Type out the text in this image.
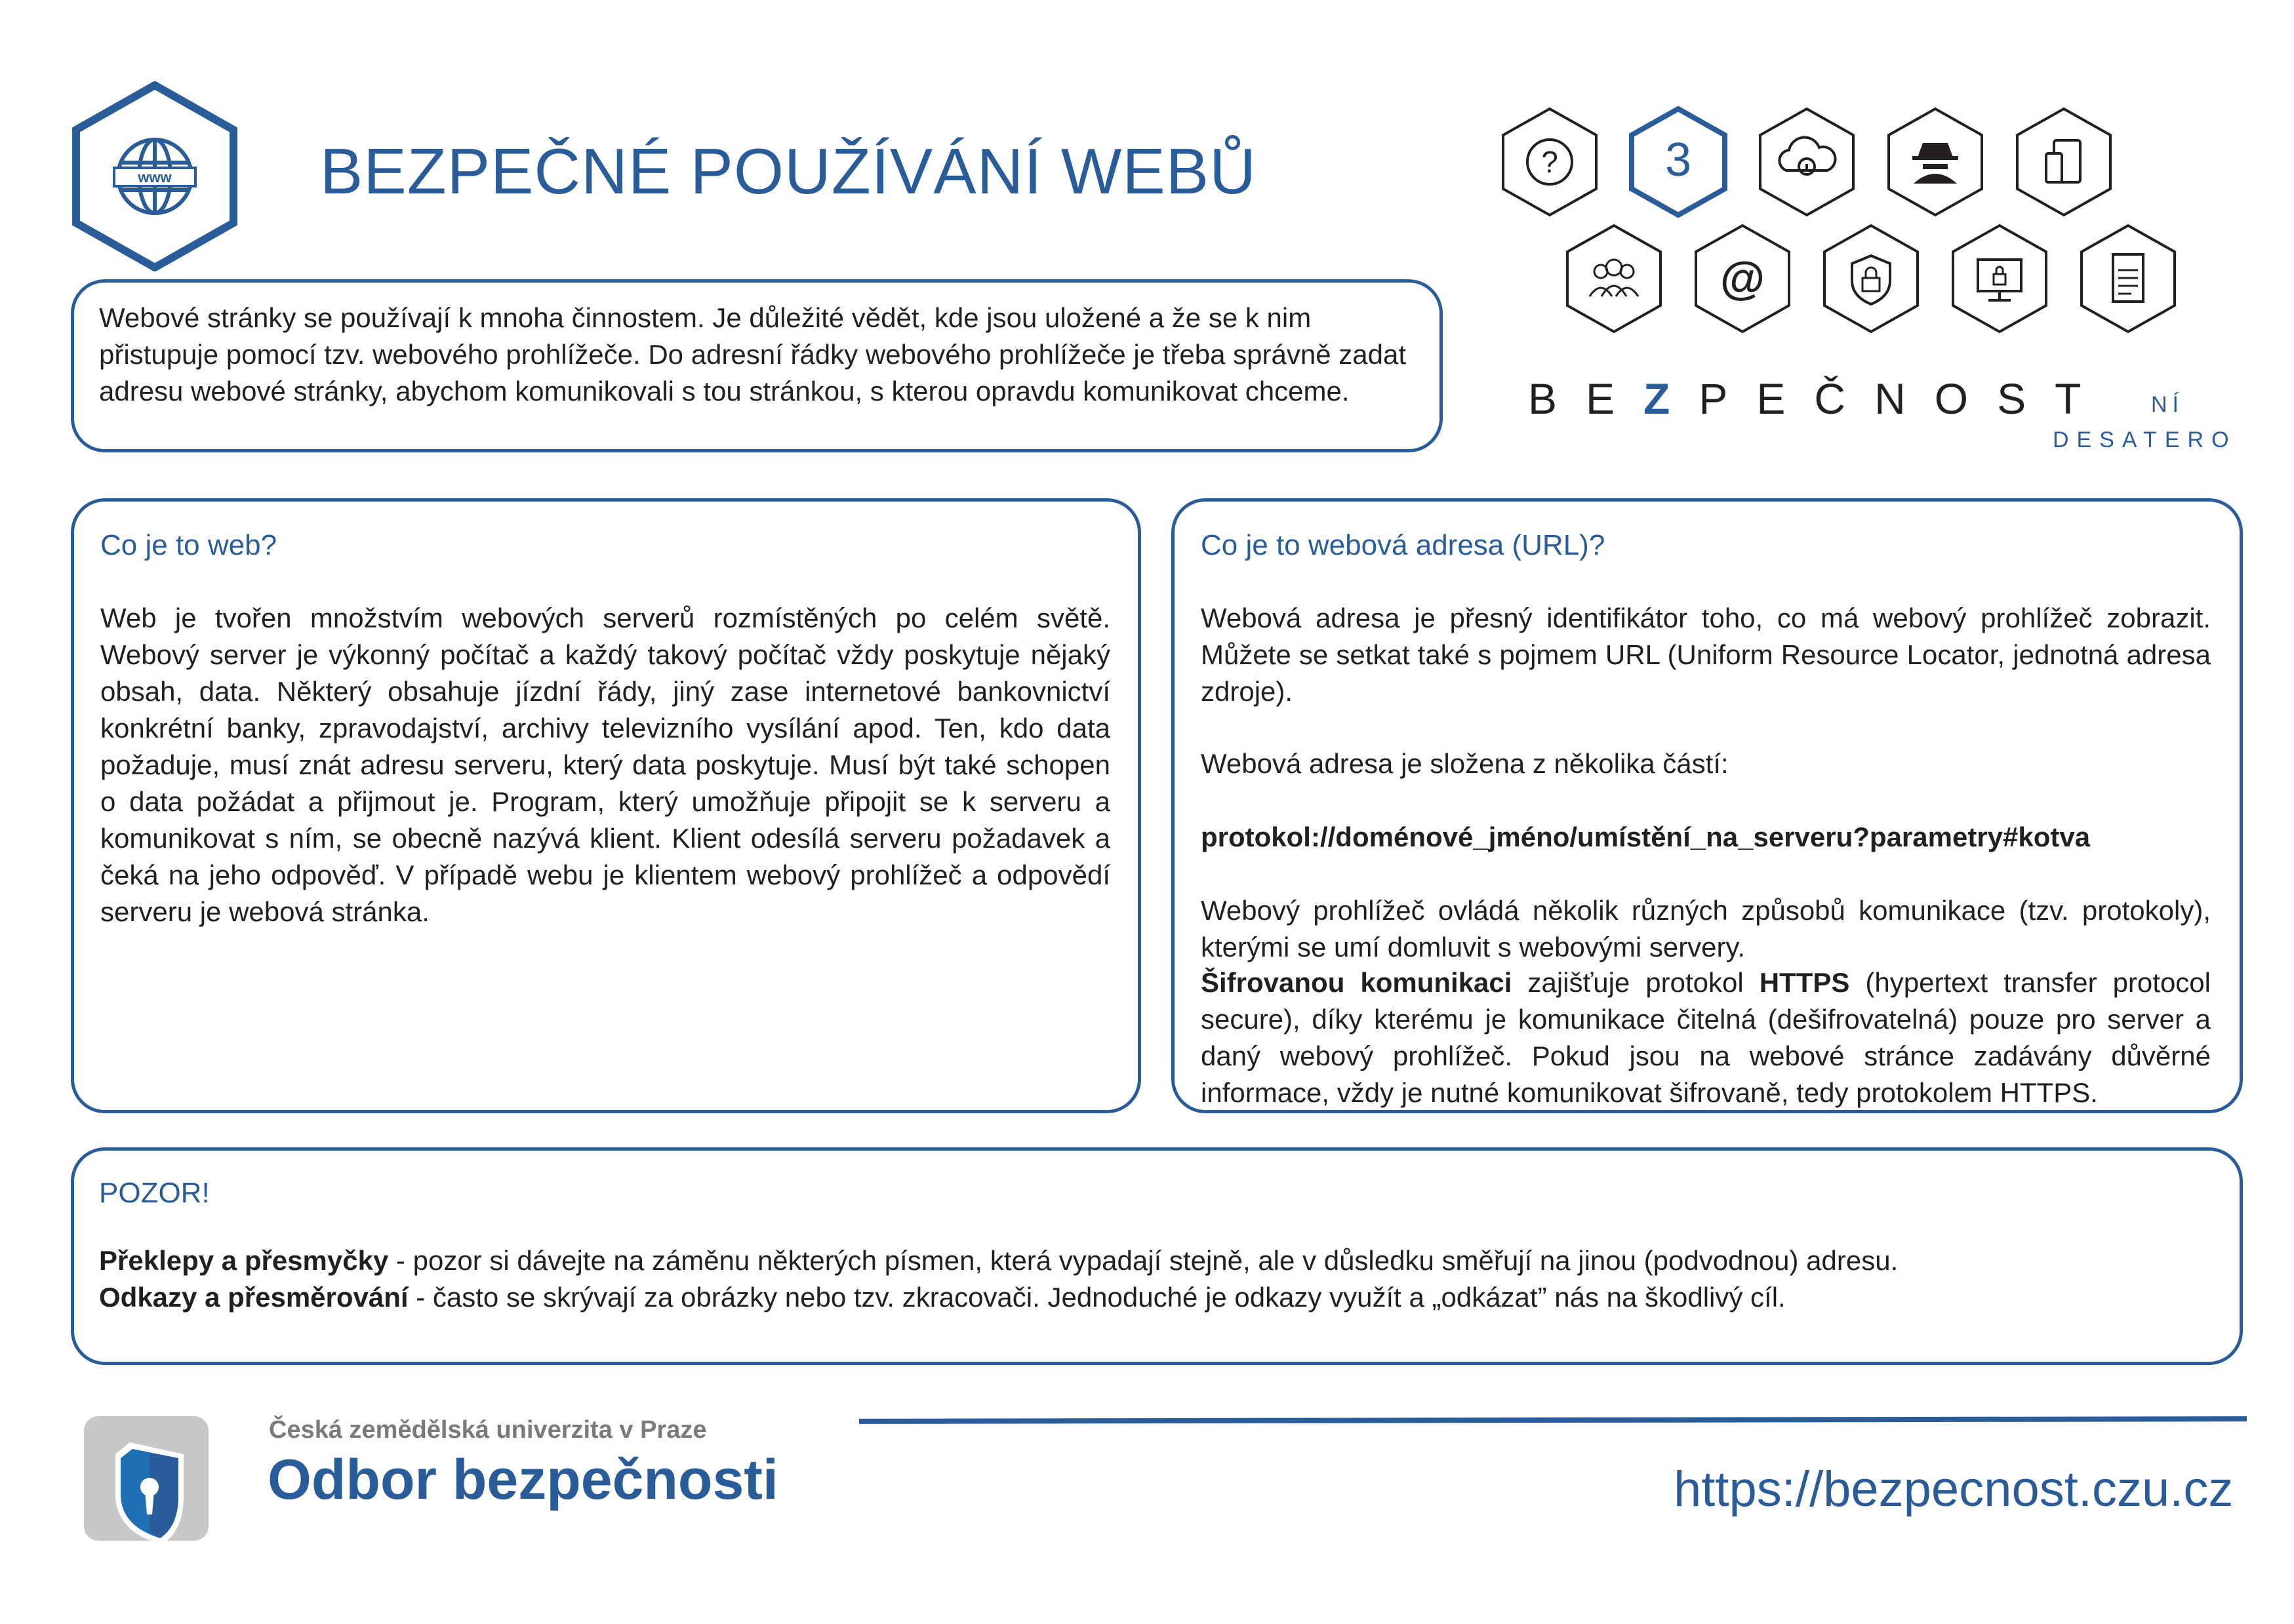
www BEZPEČNÉ POUŽÍVÁNÍ WEBŮ	? 3
@
BEZPEČNOST	NÍ
DESATERO
Webové stránky se používají k mnoha činnostem. Je důležité vědět, kde jsou uložené a že se k nim přistupuje pomocí tzv. webového prohlížeče. Do adresní řádky webového prohlížeče je třeba správně zadat adresu webové stránky, abychom komunikovali s tou stránkou, s kterou opravdu komunikovat chceme.
Co je to web?
Web je tvořen množstvím webových serverů rozmístěných po celém světě. Webový server je výkonný počítač a každý takový počítač vždy poskytuje nějaký obsah, data. Některý obsahuje jízdní řády, jiný zase internetové bankovnictví konkrétní banky, zpravodajství, archivy televizního vysílání apod. Ten, kdo data požaduje, musí znát adresu serveru, který data poskytuje. Musí být také schopen o data požádat a přijmout je. Program, který umožňuje připojit se k serveru a komunikovat s ním, se obecně nazývá klient. Klient odesílá serveru požadavek a čeká na jeho odpověď. V případě webu je klientem webový prohlížeč a odpovědí serveru je webová stránka.
Co je to webová adresa (URL)?
Webová adresa je přesný identifikátor toho, co má webový prohlížeč zobrazit. Můžete se setkat také s pojmem URL (Uniform Resource Locator, jednotná adresa zdroje).
Webová adresa je složena z několika částí:
protokol://doménové_jméno/umístění_na_serveru?parametry#kotva
Webový prohlížeč ovládá několik různých způsobů komunikace (tzv. protokoly), kterými se umí domluvit s webovými servery.
Šifrovanou komunikaci zajišťuje protokol HTTPS (hypertext transfer protocol secure), díky kterému je komunikace čitelná (dešifrovatelná) pouze pro server a daný webový prohlížeč. Pokud jsou na webové stránce zadávány důvěrné informace, vždy je nutné komunikovat šifrovaně, tedy protokolem HTTPS.
POZOR!
Překlepy a přesmyčky - pozor si dávejte na záměnu některých písmen, která vypadají stejně, ale v důsledku směřují na jinou (podvodnou) adresu.
Odkazy a přesměrování - často se skrývají za obrázky nebo tzv. zkracovači. Jednoduché je odkazy využít a „odkázat” nás na škodlivý cíl.
Česká zemědělská univerzita v Praze
Odbor bezpečnosti	https://bezpecnost.czu.cz
